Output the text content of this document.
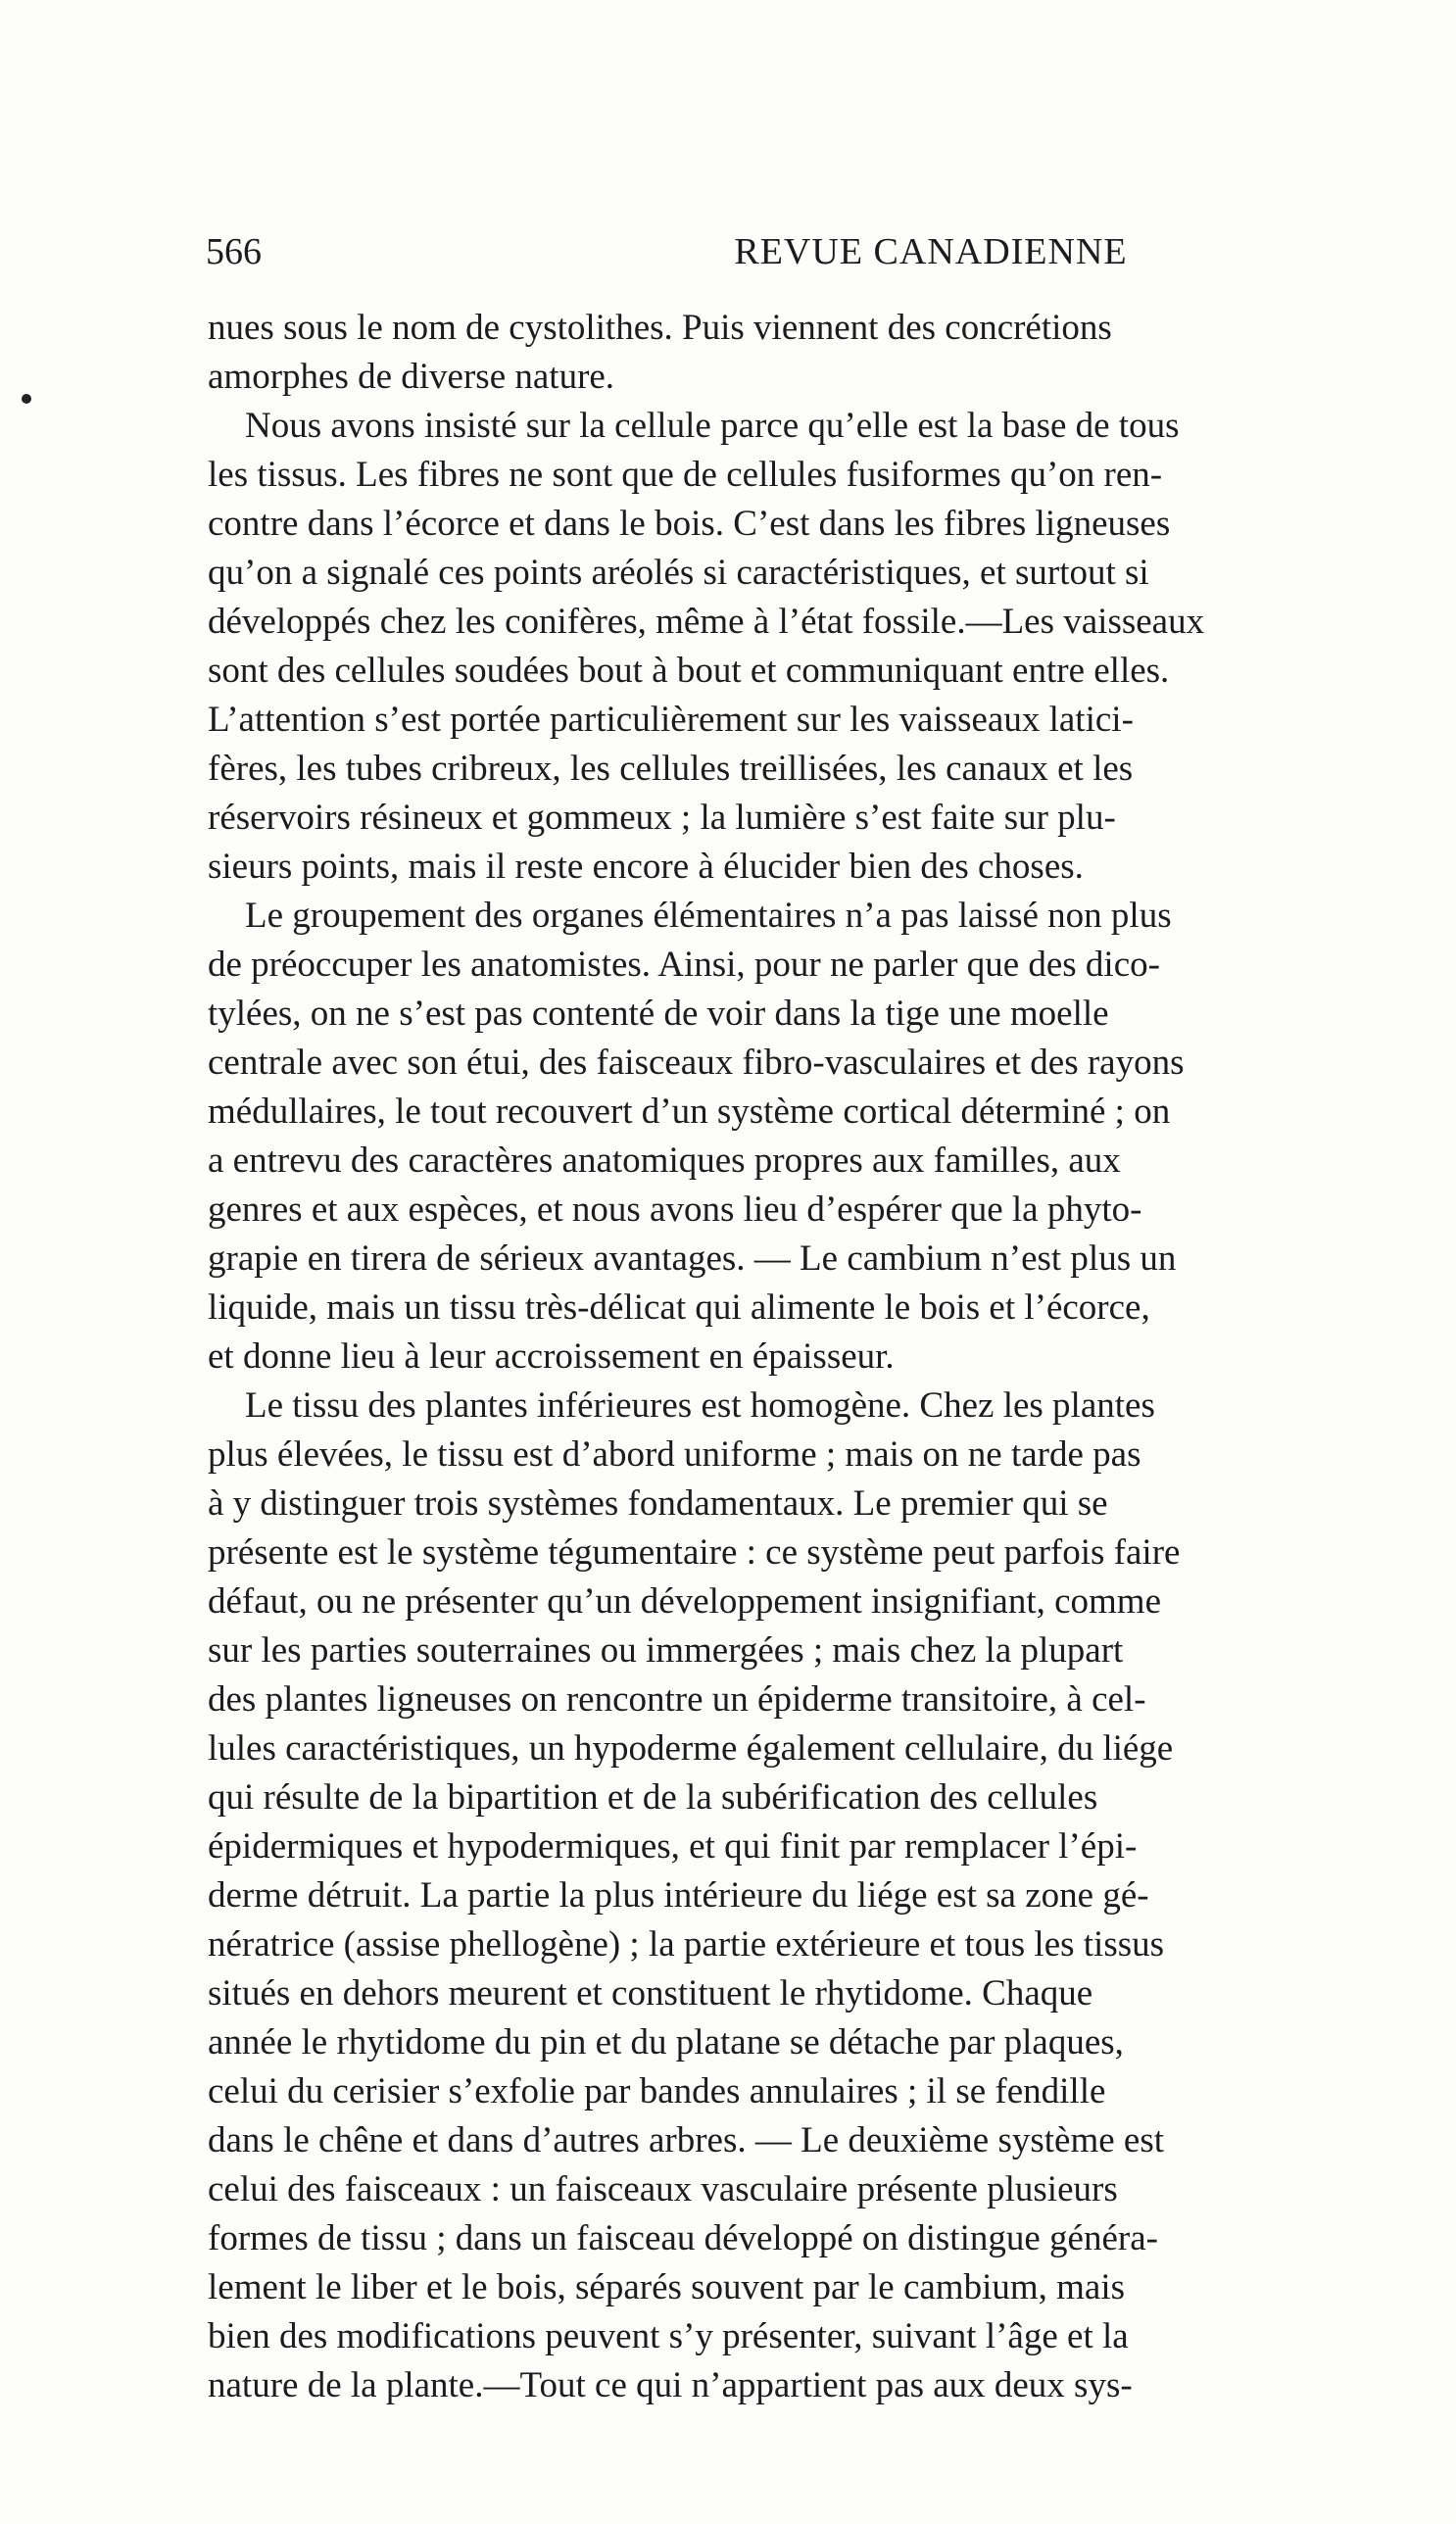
566	REVUE CANADIENNE
nues sous le nom de cystolithes. Puis viennent des concrétions
amorphes de diverse nature.
Nous avons insisté sur la cellule parce qu’elle est la base de tous
les tissus. Les fibres ne sont que de cellules fusiformes qu’on ren-
contre dans l’écorce et dans le bois. C’est dans les fibres ligneuses
qu’on a signalé ces points aréolés si caractéristiques, et surtout si
développés chez les conifères, même à l’état fossile.—Les vaisseaux
sont des cellules soudées bout à bout et communiquant entre elles.
L’attention s’est portée particulièrement sur les vaisseaux latici-
fères, les tubes cribreux, les cellules treillisées, les canaux et les
réservoirs résineux et gommeux ; la lumière s’est faite sur plu-
sieurs points, mais il reste encore à élucider bien des choses.
Le groupement des organes élémentaires n’a pas laissé non plus
de préoccuper les anatomistes. Ainsi, pour ne parler que des dico-
tylées, on ne s’est pas contenté de voir dans la tige une moelle
centrale avec son étui, des faisceaux fibro-vasculaires et des rayons
médullaires, le tout recouvert d’un système cortical déterminé ; on
a entrevu des caractères anatomiques propres aux familles, aux
genres et aux espèces, et nous avons lieu d’espérer que la phyto-
grapie en tirera de sérieux avantages. — Le cambium n’est plus un
liquide, mais un tissu très-délicat qui alimente le bois et l’écorce,
et donne lieu à leur accroissement en épaisseur.
Le tissu des plantes inférieures est homogène. Chez les plantes
plus élevées, le tissu est d’abord uniforme ; mais on ne tarde pas
à y distinguer trois systèmes fondamentaux. Le premier qui se
présente est le système tégumentaire : ce système peut parfois faire
défaut, ou ne présenter qu’un développement insignifiant, comme
sur les parties souterraines ou immergées ; mais chez la plupart
des plantes ligneuses on rencontre un épiderme transitoire, à cel-
lules caractéristiques, un hypoderme également cellulaire, du liége
qui résulte de la bipartition et de la subérification des cellules
épidermiques et hypodermiques, et qui finit par remplacer l’épi-
derme détruit. La partie la plus intérieure du liége est sa zone gé-
nératrice (assise phellogène) ; la partie extérieure et tous les tissus
situés en dehors meurent et constituent le rhytidome. Chaque
année le rhytidome du pin et du platane se détache par plaques,
celui du cerisier s’exfolie par bandes annulaires ; il se fendille
dans le chêne et dans d’autres arbres. — Le deuxième système est
celui des faisceaux : un faisceaux vasculaire présente plusieurs
formes de tissu ; dans un faisceau développé on distingue généra-
lement le liber et le bois, séparés souvent par le cambium, mais
bien des modifications peuvent s’y présenter, suivant l’âge et la
nature de la plante.—Tout ce qui n’appartient pas aux deux sys-
